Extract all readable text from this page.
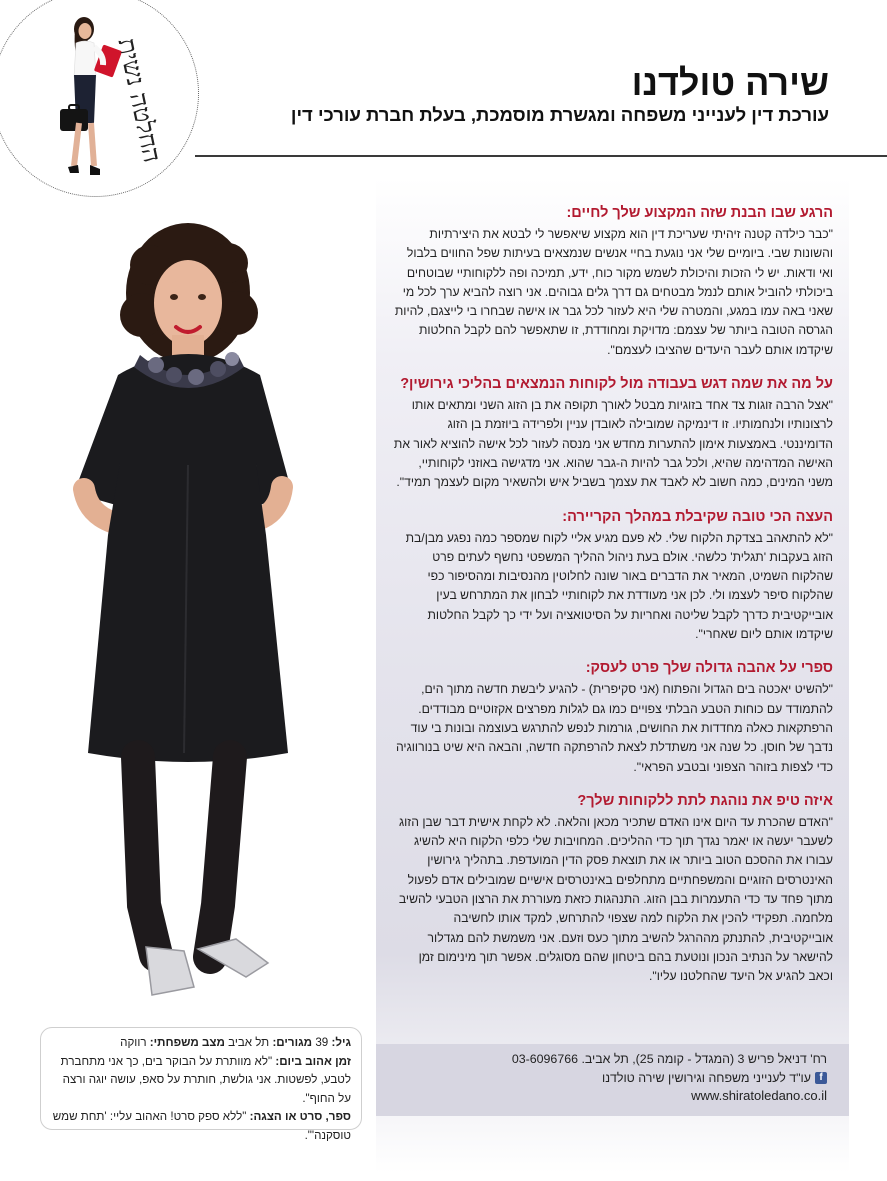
החלטה נשית	שירה טולדנו
עורכת דין לענייני משפחה ומגשרת מוסמכת, בעלת חברת עורכי דין
הרגע שבו הבנת שזה המקצוע שלך לחיים:

"כבר כילדה קטנה זיהיתי שעריכת דין הוא מקצוע שיאפשר לי לבטא את היצירתיות והשונות שבי. ביומיים שלי אני נוגעת בחיי אנשים שנמצאים בעיתות שפל החווים בלבול ואי ודאות. יש לי הזכות והיכולת לשמש מקור כוח, ידע, תמיכה ופה ללקוחותיי שבוטחים ביכולתי להוביל אותם לנמל מבטחים גם דרך גלים גבוהים. אני רוצה להביא ערך לכל מי שאני באה עמו במגע, והמטרה שלי היא לעזור לכל גבר או אישה שבחרו בי לייצגם, להיות הגרסה הטובה ביותר של עצמם: מדויקת ומחודדת, זו שתאפשר להם לקבל החלטות שיקדמו אותם לעבר היעדים שהציבו לעצמם".

על מה את שמה דגש בעבודה מול לקוחות הנמצאים בהליכי גירושין?

"אצל הרבה זוגות צד אחד בזוגיות מבטל לאורך תקופה את בן הזוג השני ומתאים אותו לרצונותיו ולנחמותיו. זו דינמיקה שמובילה לאובדן עניין ולפרידה ביוזמת בן הזוג הדומיננטי. באמצעות אימון להתערות מחדש אני מנסה לעזור לכל אישה להוציא לאור את האישה המדהימה שהיא, ולכל גבר להיות ה-גבר שהוא. אני מדגישה באוזני לקוחותיי, משני המינים, כמה חשוב לא לאבד את עצמך בשביל איש ולהשאיר מקום לעצמך תמיד".

העצה הכי טובה שקיבלת במהלך הקריירה:

"לא להתאהב בצדקת הלקוח שלי. לא פעם מגיע אליי לקוח שמספר כמה נפגע מבן/בת הזוג בעקבות 'תגלית' כלשהי. אולם בעת ניהול ההליך המשפטי נחשף לעתים פרט שהלקוח השמיט, המאיר את הדברים באור שונה לחלוטין מהנסיבות ומהסיפור כפי שהלקוח סיפר לעצמו ולי. לכן אני מעודדת את לקוחותיי לבחון את המתרחש בעין אובייקטיבית כדרך לקבל שליטה ואחריות על הסיטואציה ועל ידי כך לקבל החלטות שיקדמו אותם ליום שאחרי".

ספרי על אהבה גדולה שלך פרט לעסק:

"להשיט יאכטה בים הגדול והפתוח (אני סקיפרית) - להגיע ליבשת חדשה מתוך הים, להתמודד עם כוחות הטבע הבלתי צפויים כמו גם לגלות מפרצים אקזוטיים מבודדים. הרפתקאות כאלה מחדדות את החושים, גורמות לנפש להתרגש בעוצמה ובונות בי עוד נדבך של חוסן. כל שנה אני משתדלת לצאת להרפתקה חדשה, והבאה היא שיט בנורווגיה כדי לצפות בזוהר הצפוני ובטבע הפראי".

איזה טיפ את נוהגת לתת ללקוחות שלך?

"האדם שהכרת עד היום אינו האדם שתכיר מכאן והלאה. לא לקחת אישית דבר שבן הזוג לשעבר יעשה או יאמר נגדך תוך כדי ההליכים. המחויבות שלי כלפי הלקוח היא להשיג עבורו את ההסכם הטוב ביותר או את תוצאת פסק הדין המועדפת. בתהליך גירושין האינטרסים הזוגיים והמשפחתיים מתחלפים באינטרסים אישיים שמובילים אדם לפעול מתוך פחד עד כדי התעמרות בבן הזוג. התנהגות כזאת מעוררת את הרצון הטבעי להשיב מלחמה. תפקידי להכין את הלקוח למה שצפוי להתרחש, למקד אותו לחשיבה אובייקטיבית, להתנתק מההרגל להשיב מתוך כעס וזעם. אני משמשת להם מגדלור להישאר על הנתיב הנכון ונוטעת בהם ביטחון שהם מסוגלים. אפשר תוך מינימום זמן וכאב להגיע אל היעד שהחלטנו עליו".

רח' דניאל פריש 3 (המגדל - קומה 25), תל אביב. 03-6096766
f
עו"ד לענייני משפחה וגירושין שירה טולדנו
www.shiratoledano.co.il
גיל: 39 מגורים: תל אביב מצב משפחתי: רווקה
זמן אהוב ביום: "לא מוותרת על הבוקר בים, כך אני מתחברת לטבע, לפשטות. אני גולשת, חותרת על סאפ, עושה יוגה ורצה על החוף".
ספר, סרט או הצגה: "ללא ספק סרט! האהוב עליי: 'תחת שמש טוסקנה'".
